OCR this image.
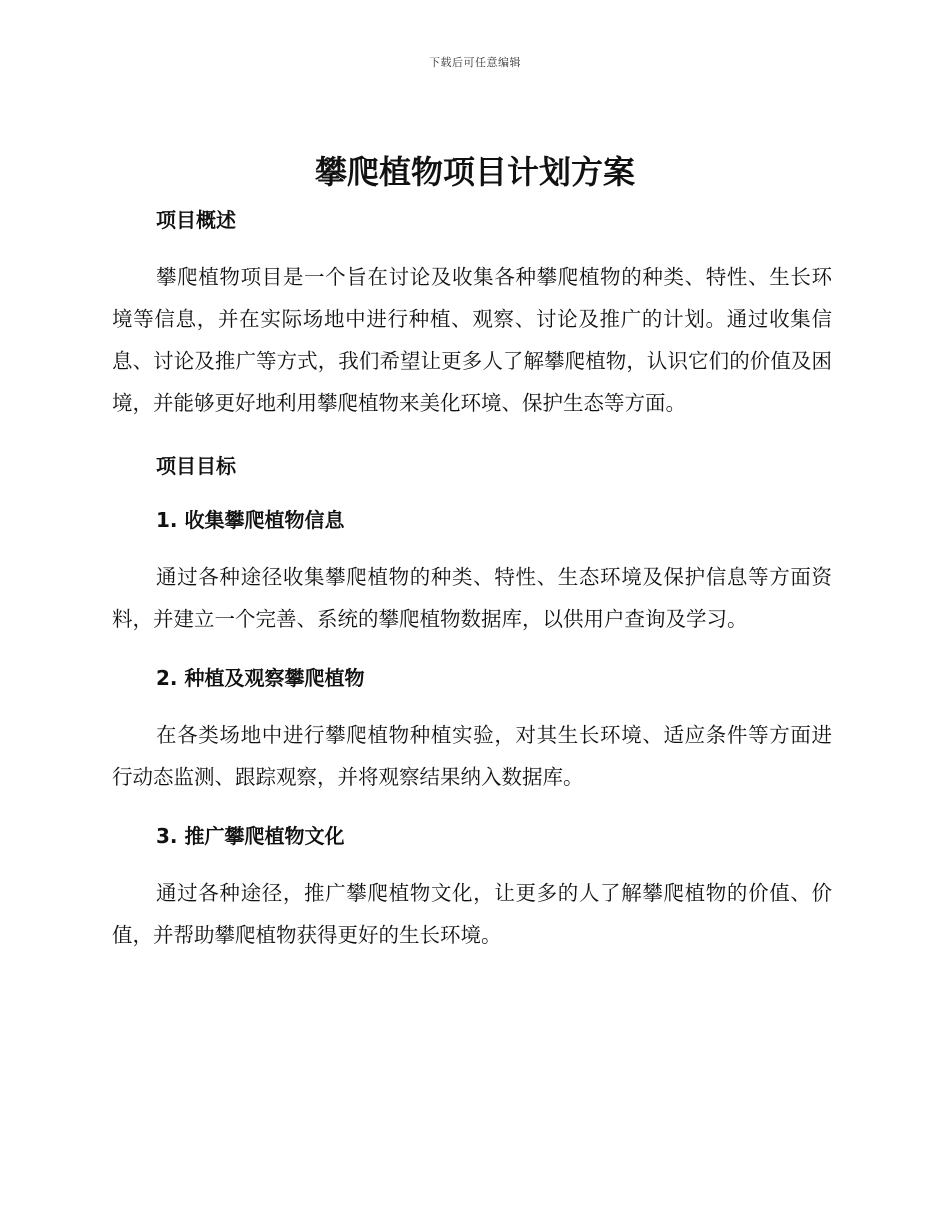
下载后可任意编辑
攀爬植物项目计划方案

项目概述

攀爬植物项目是一个旨在讨论及收集各种攀爬植物的种类、特性、生长环境等信息，并在实际场地中进行种植、观察、讨论及推广的计划。通过收集信息、讨论及推广等方式，我们希望让更多人了解攀爬植物，认识它们的价值及困境，并能够更好地利用攀爬植物来美化环境、保护生态等方面。

项目目标

1. 收集攀爬植物信息

通过各种途径收集攀爬植物的种类、特性、生态环境及保护信息等方面资料，并建立一个完善、系统的攀爬植物数据库，以供用户查询及学习。

2. 种植及观察攀爬植物

在各类场地中进行攀爬植物种植实验，对其生长环境、适应条件等方面进行动态监测、跟踪观察，并将观察结果纳入数据库。

3. 推广攀爬植物文化

通过各种途径，推广攀爬植物文化，让更多的人了解攀爬植物的价值、价值，并帮助攀爬植物获得更好的生长环境。
